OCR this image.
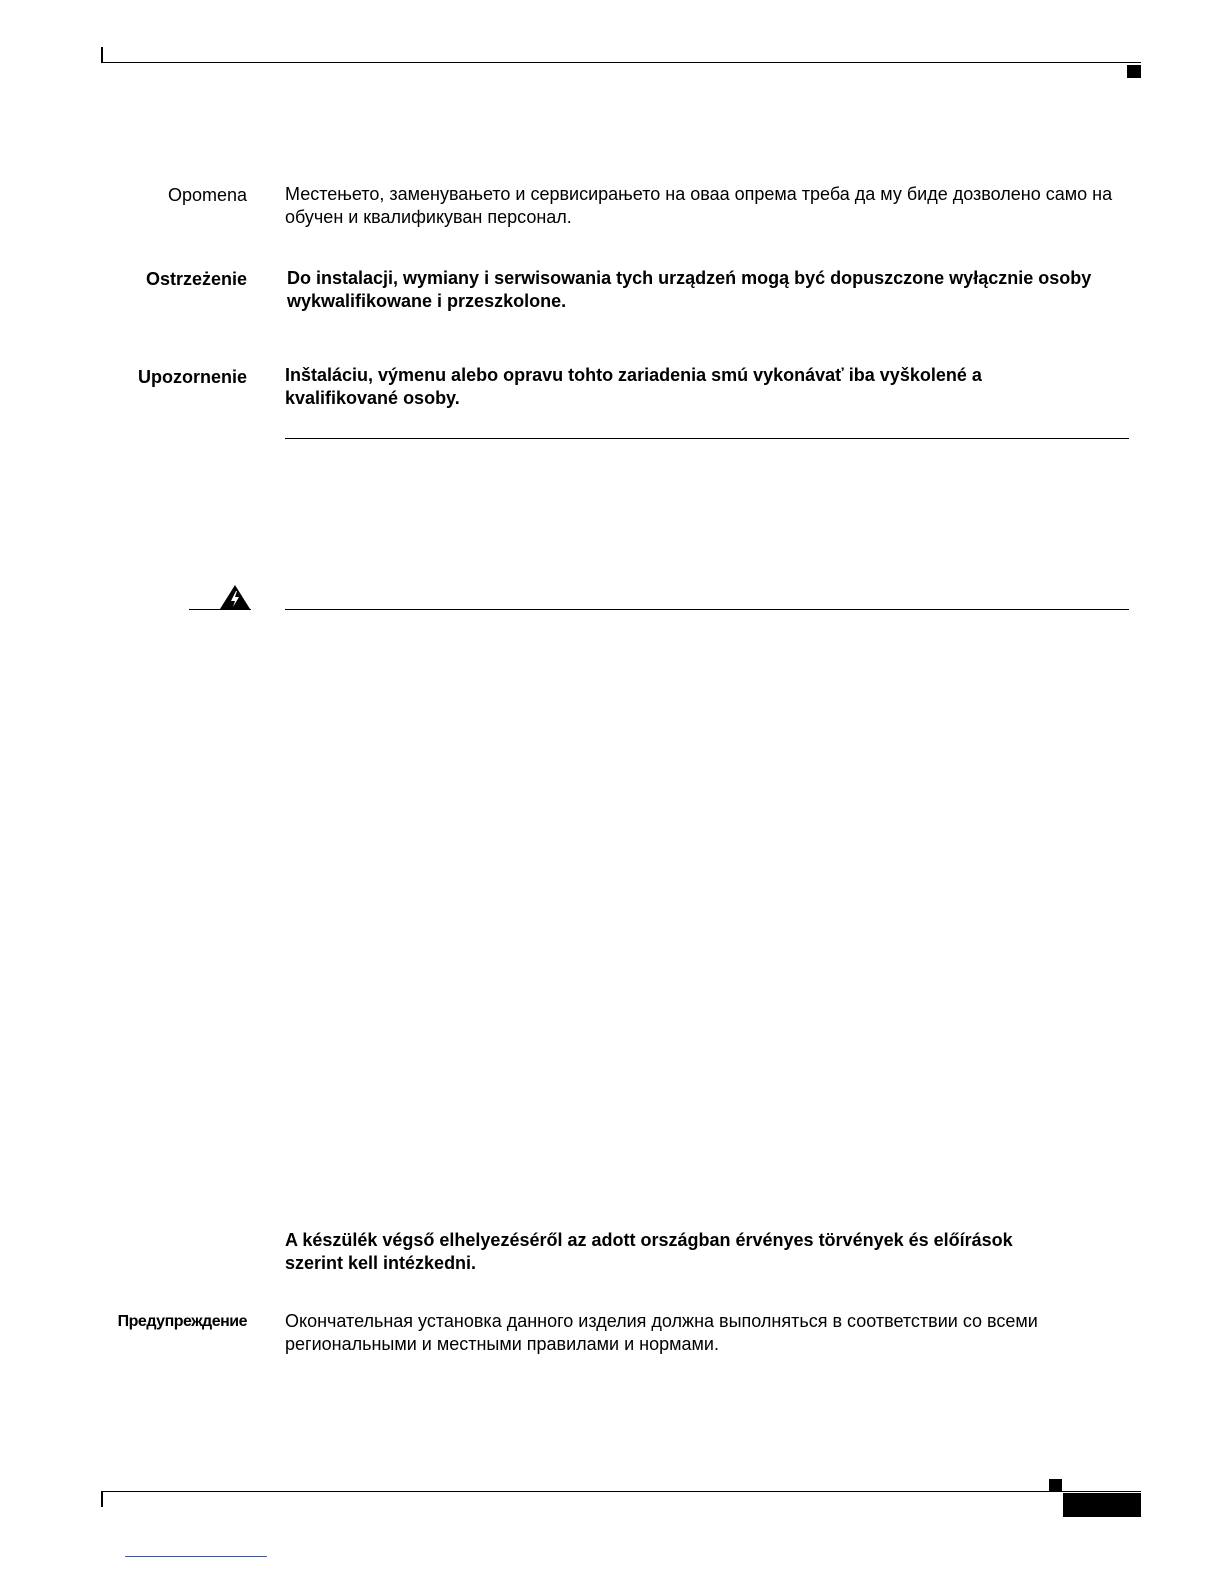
Opomena Местењето, заменувањето и сервисирањето на оваа опрема треба да му биде дозволено само на обучен и квалификуван персонал.
Ostrzeżenie Do instalacji, wymiany i serwisowania tych urządzeń mogą być dopuszczone wyłącznie osoby wykwalifikowane i przeszkolone.
Upozornenie Inštaláciu, výmenu alebo opravu tohto zariadenia smú vykonávať iba vyškolené a kvalifikované osoby.
A készülék végső elhelyezéséről az adott országban érvényes törvények és előírások szerint kell intézkedni.
Предупреждение Окончательная установка данного изделия должна выполняться в соответствии со всеми региональными и местными правилами и нормами.
